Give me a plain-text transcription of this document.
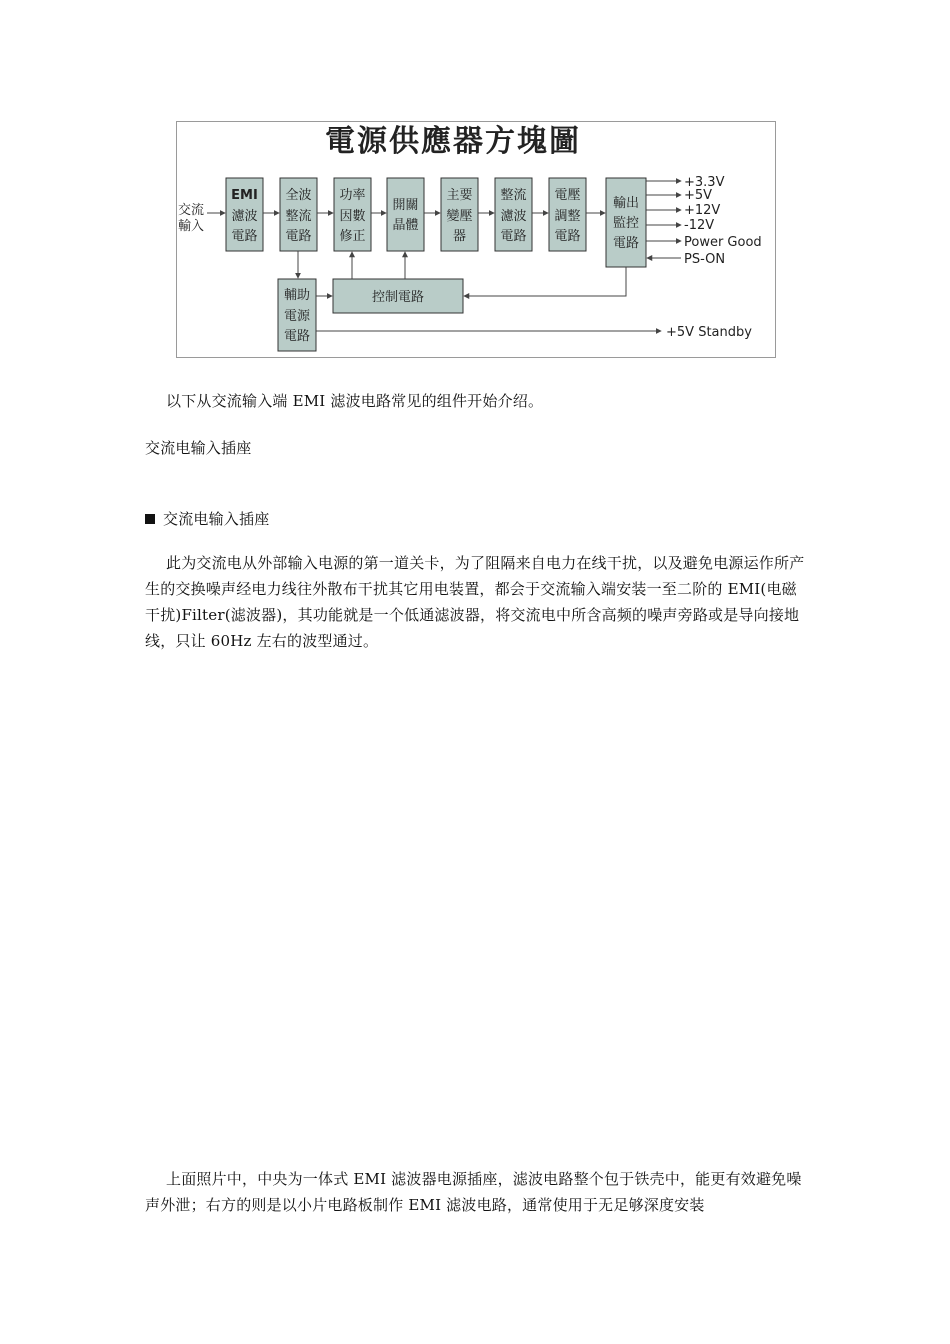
電源供應器方塊圖
交流
輸入
EMI
濾波
電路
全波
整流
電路
功率
因數
修正
開關
晶體
主要
變壓
器
整流
濾波
電路
電壓
調整
電路
輸出
監控
電路
輔助
電源
電路
控制電路
+3.3V
+5V
+12V
-12V
Power Good
PS-ON
+5V Standby
以下从交流输入端 EMI 滤波电路常见的组件开始介绍。
交流电输入插座
交流电输入插座
此为交流电从外部输入电源的第一道关卡，为了阻隔来自电力在线干扰，以及避免电源运作所产生的交换噪声经电力线往外散布干扰其它用电装置，都会于交流输入端安装一至二阶的 EMI(电磁干扰)Filter(滤波器)，其功能就是一个低通滤波器，将交流电中所含高频的噪声旁路或是导向接地线，只让 60Hz 左右的波型通过。
上面照片中，中央为一体式 EMI 滤波器电源插座，滤波电路整个包于铁壳中，能更有效避免噪声外泄；右方的则是以小片电路板制作 EMI 滤波电路，通常使用于无足够深度安装
